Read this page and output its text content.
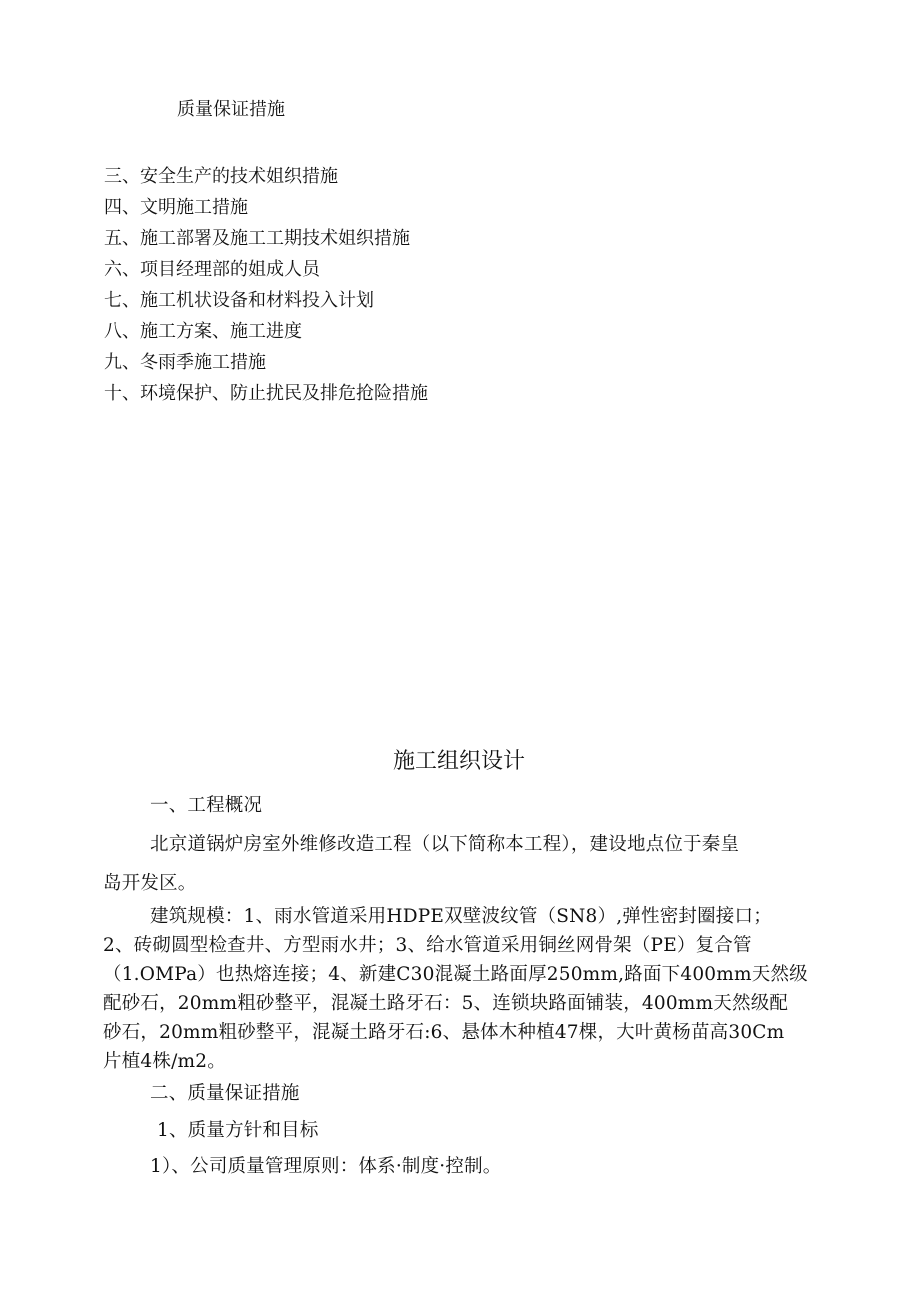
质量保证措施
三、安全生产的技术姐织措施
四、文明施工措施
五、施工部署及施工工期技术姐织措施
六、项目经理部的姐成人员
七、施工机状设备和材料投入计划
八、施工方案、施工进度
九、冬雨季施工措施
十、环境保护、防止扰民及排危抢险措施
施工组织设计
一、工程概况
北京道锅炉房室外维修改造工程（以下简称本工程），建设地点位于秦皇
岛开发区。
建筑规模：1、雨水管道采用HDPE双壁波纹管（SN8）,弹性密封圈接口；
2、砖砌圆型检查井、方型雨水井；3、给水管道采用铜丝网骨架（PE）复合管
（1.OMPa）也热熔连接；4、新建C30混凝土路面厚250mm,路面下400mm天然级
配砂石，20mm粗砂整平，混凝土路牙石：5、连锁块路面铺装，400mm天然级配
砂石，20mm粗砂整平，混凝土路牙石:6、悬体木种植47棵，大叶黄杨苗高30Cm
片植4株/m2。
二、质量保证措施
1、质量方针和目标
1）、公司质量管理原则：体系·制度·控制。
